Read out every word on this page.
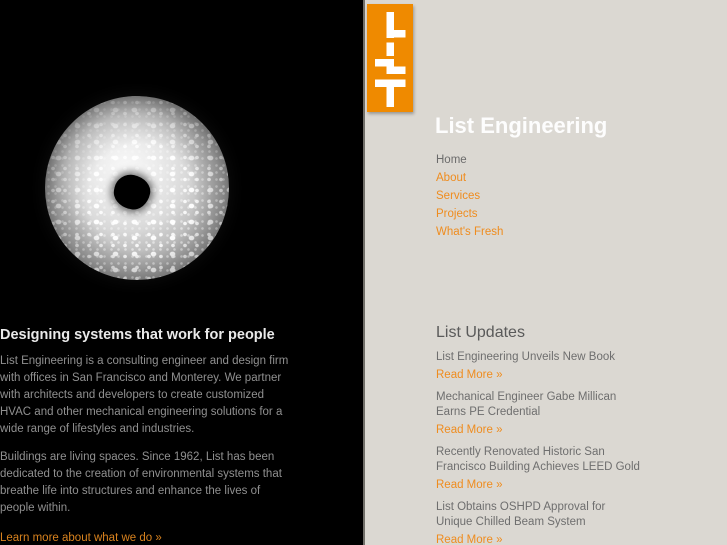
Designing systems that work for people

List Engineering is a consulting engineer and design firm with offices in San Francisco and Monterey. We partner with architects and developers to create customized HVAC and other mechanical engineering solutions for a wide range of lifestyles and industries.

Buildings are living spaces. Since 1962, List has been dedicated to the creation of environmental systems that breathe life into structures and enhance the lives of people within.

Learn more about what we do »
List Engineering
Home
About
Services
Projects
What's Fresh
List Updates

List Engineering Unveils New Book

Read More »

Mechanical Engineer Gabe Millican Earns PE Credential

Read More »

Recently Renovated Historic San Francisco Building Achieves LEED Gold

Read More »

List Obtains OSHPD Approval for Unique Chilled Beam System

Read More »
